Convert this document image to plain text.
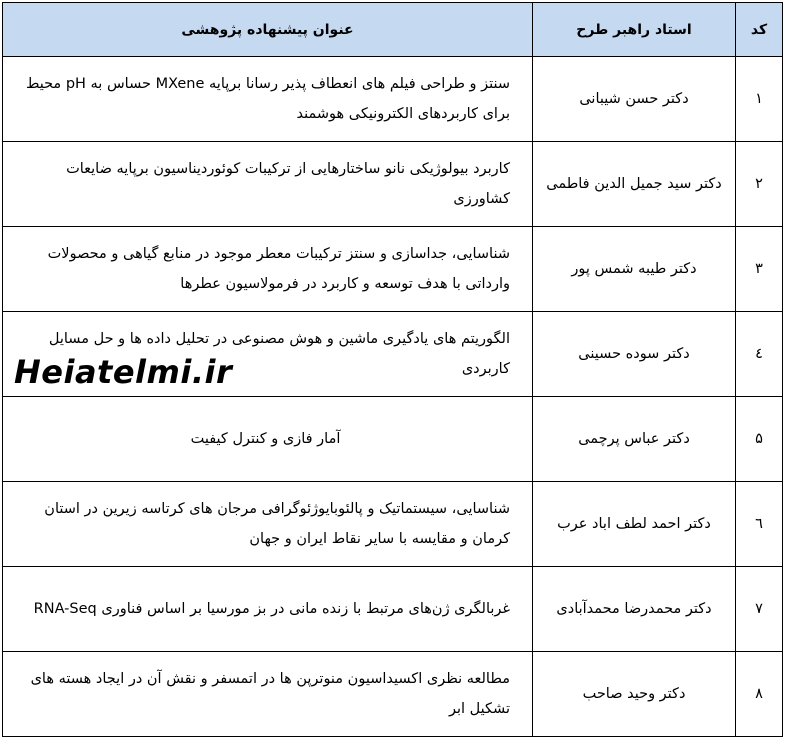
عنوان پیشنهاده پژوهشی	استاد راهبر طرح	کد
سنتز و طراحی فیلم های انعطاف پذیر رسانا برپایه MXene حساس به pH محیط برای کاربردهای الکترونیکی هوشمند	دکتر حسن شیبانی	۱
کاربرد بیولوژیکی نانو ساختارهایی از ترکیبات کوئوردیناسیون برپایه ضایعات کشاورزی	دکتر سید جمیل الدین فاطمی	۲
شناسایی، جداسازی و سنتز ترکیبات معطر موجود در منابع گیاهی و محصولات وارداتی با هدف توسعه و کاربرد در فرمولاسیون عطرها	دکتر طیبه شمس پور	۳
الگوریتم های یادگیری ماشین و هوش مصنوعی در تحلیل داده ها و حل مسایل کاربردی	دکتر سوده حسینی	٤
آمار فازی و کنترل کیفیت	دکتر عباس پرچمی	۵
شناسایی، سیستماتیک و پالئوبایوژئوگرافی مرجان های کرتاسه زیرین در استان کرمان و مقایسه با سایر نقاط ایران و جهان	دکتر احمد لطف اباد عرب	٦
غربالگری ژن‌های مرتبط با زنده مانی در بز مورسیا بر اساس فناوری RNA-Seq	دکتر محمدرضا محمدآبادی	۷
مطالعه نظری اکسیداسیون منوترپن ها در اتمسفر و نقش آن در ایجاد هسته های تشکیل ابر	دکتر وحید صاحب	۸
Heiatelmi.ir
